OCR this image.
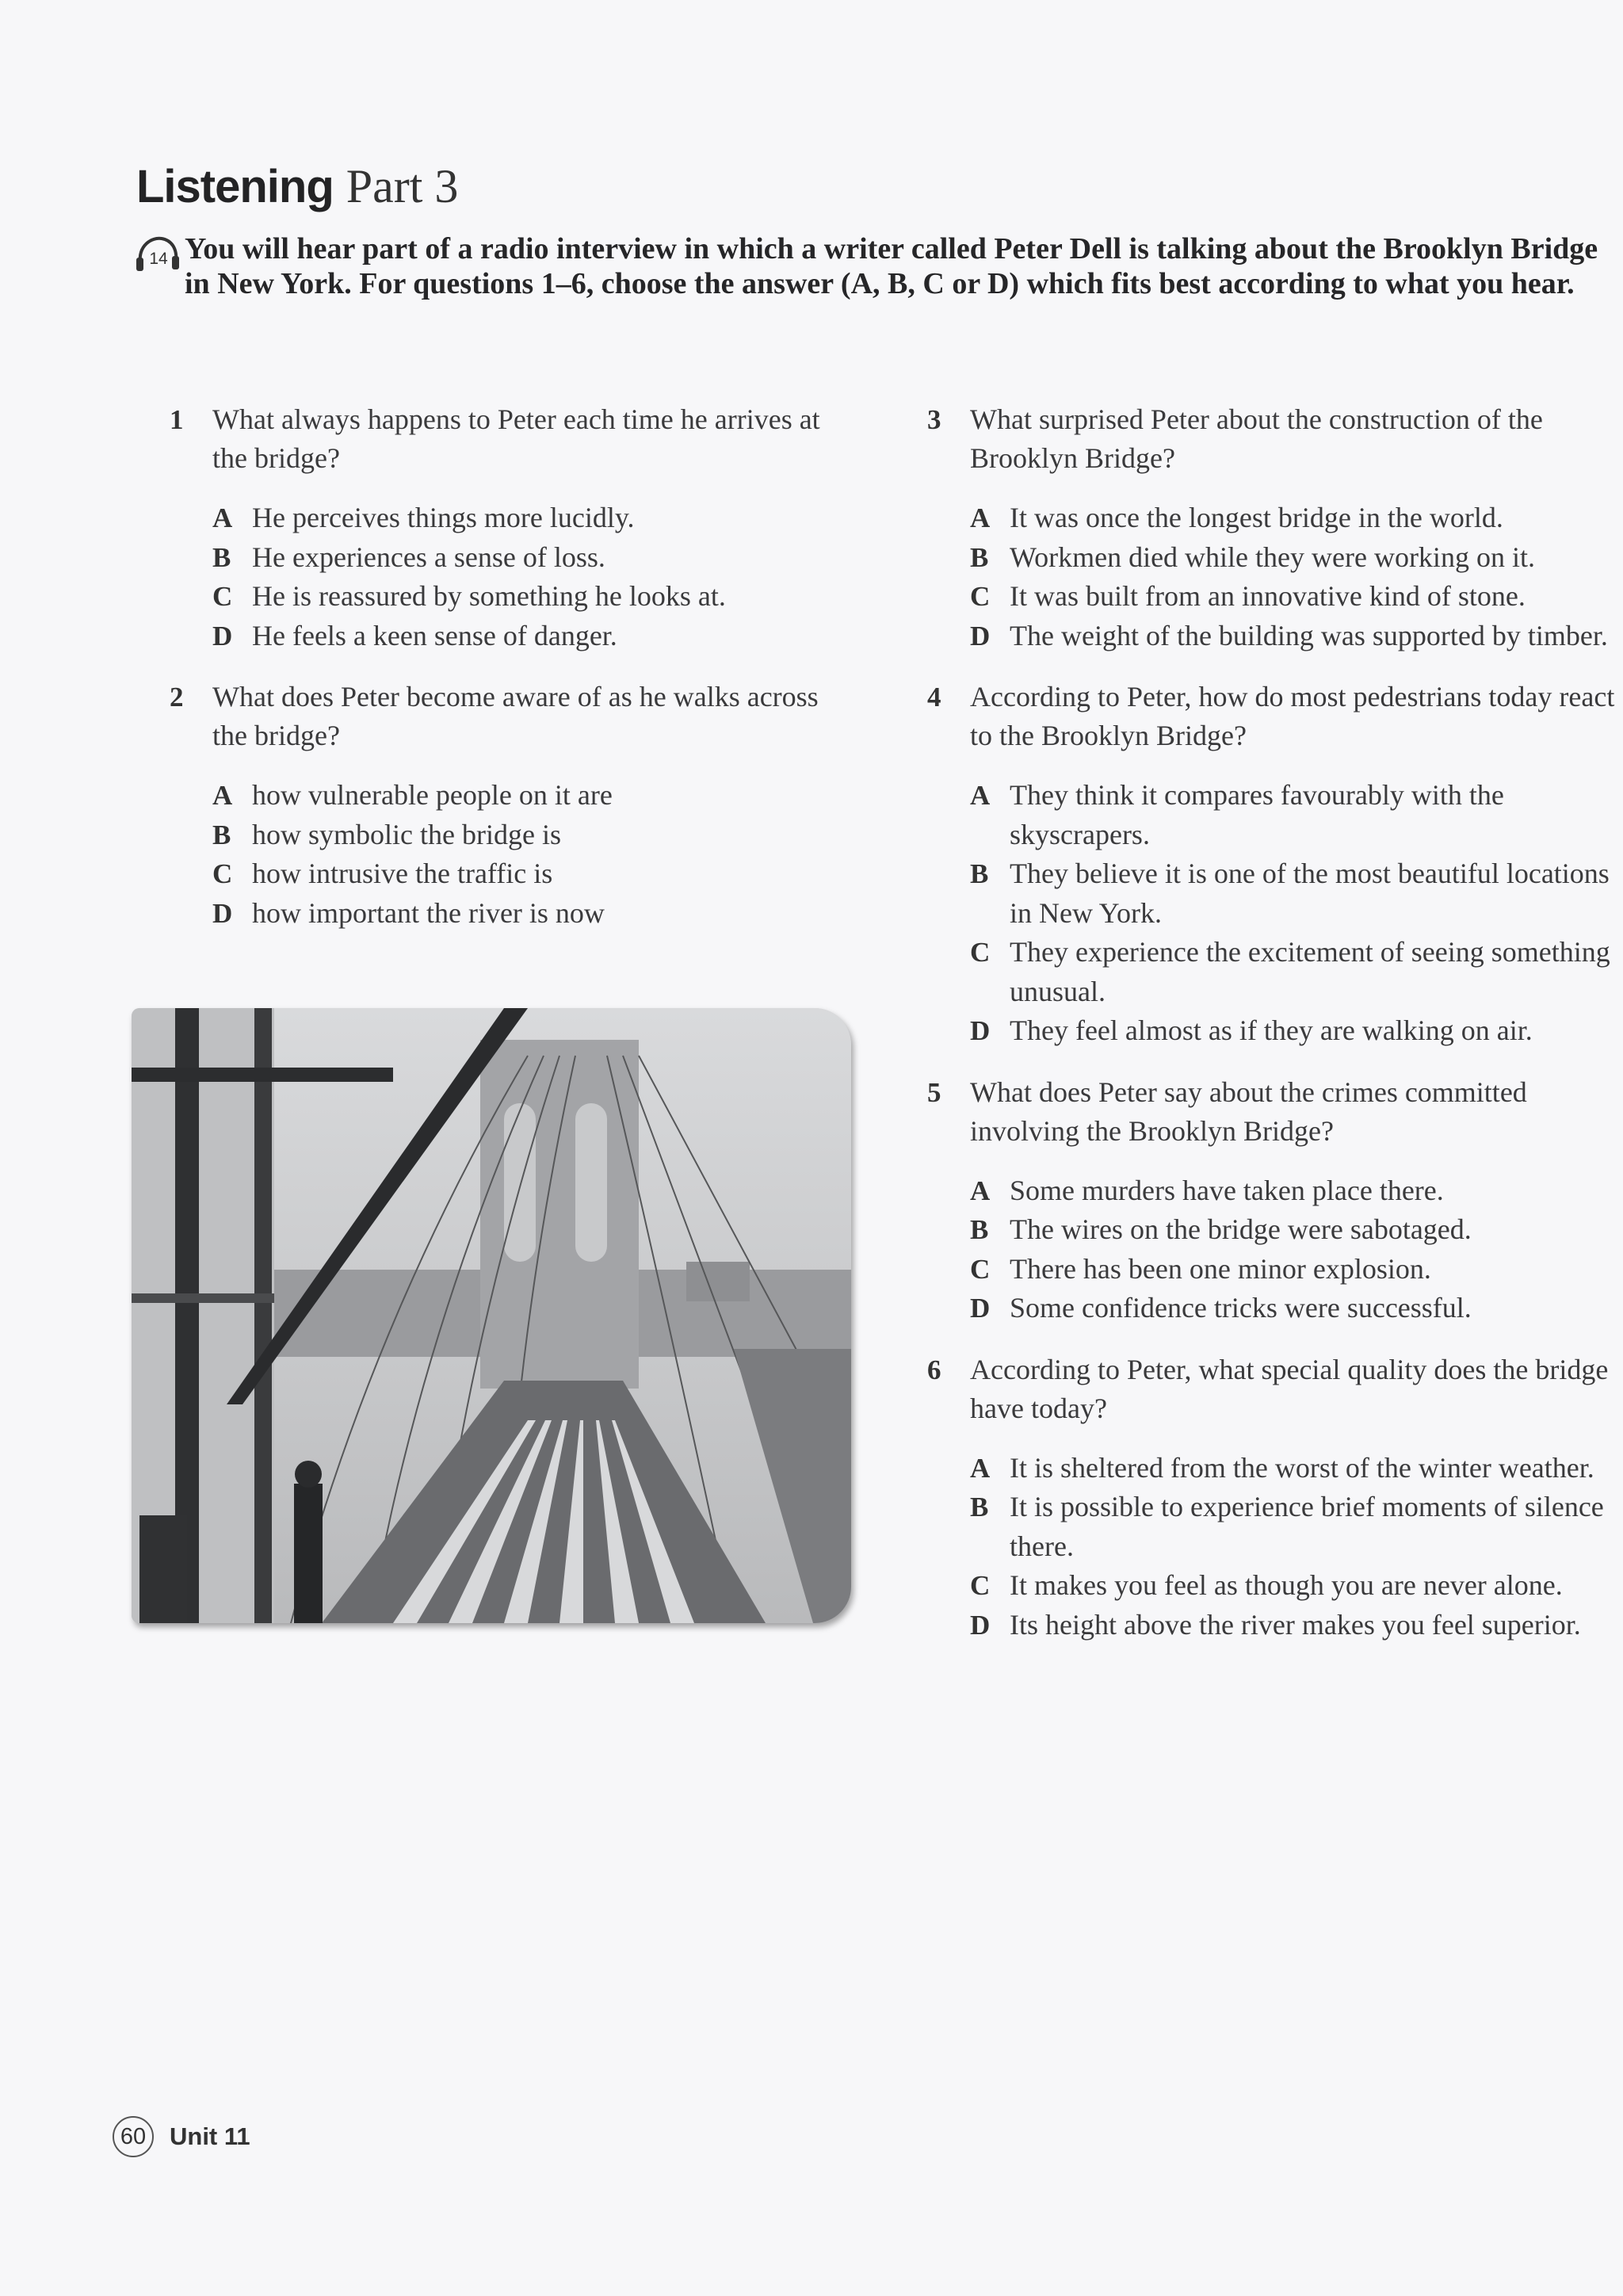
Listening Part 3
14 You will hear part of a radio interview in which a writer called Peter Dell is talking about the Brooklyn Bridge in New York. For questions 1–6, choose the answer (A, B, C or D) which fits best according to what you hear.

1	What always happens to Peter each time he arrives at the bridge?
A He perceives things more lucidly.
B He experiences a sense of loss.
C He is reassured by something he looks at.
D He feels a keen sense of danger.
2	What does Peter become aware of as he walks across the bridge?
A how vulnerable people on it are
B how symbolic the bridge is
C how intrusive the traffic is
D how important the river is now
3	What surprised Peter about the construction of the Brooklyn Bridge?
A It was once the longest bridge in the world.
B Workmen died while they were working on it.
C It was built from an innovative kind of stone.
D The weight of the building was supported by timber.
4	According to Peter, how do most pedestrians today react to the Brooklyn Bridge?
A They think it compares favourably with the skyscrapers.
B They believe it is one of the most beautiful locations in New York.
C They experience the excitement of seeing something unusual.
D They feel almost as if they are walking on air.
5	What does Peter say about the crimes committed involving the Brooklyn Bridge?
A Some murders have taken place there.
B The wires on the bridge were sabotaged.
C There has been one minor explosion.
D Some confidence tricks were successful.
6	According to Peter, what special quality does the bridge have today?
A It is sheltered from the worst of the winter weather.
B It is possible to experience brief moments of silence there.
C It makes you feel as though you are never alone.
D Its height above the river makes you feel superior.
60 Unit 11
